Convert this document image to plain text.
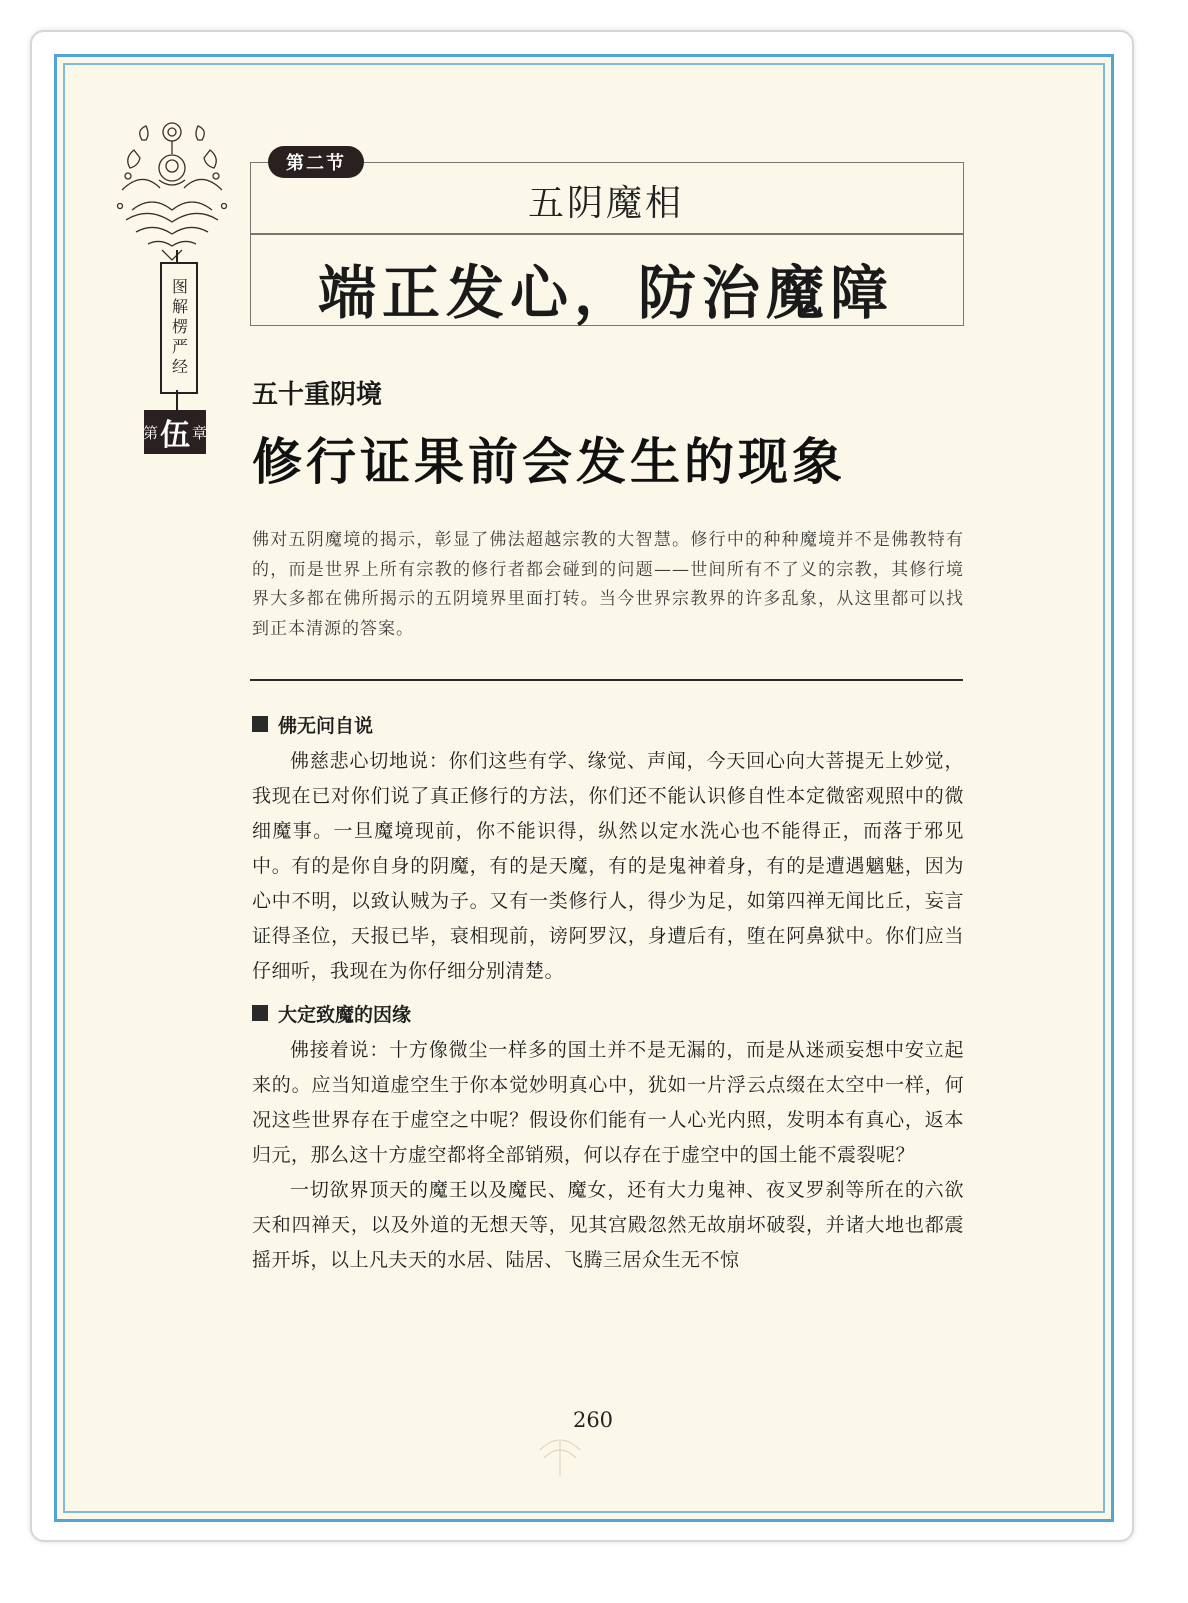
图解楞严经
第 伍 章
第二节
五阴魔相
端正发心，防治魔障
五十重阴境
修行证果前会发生的现象
佛对五阴魔境的揭示，彰显了佛法超越宗教的大智慧。修行中的种种魔境并不是佛教特有的，而是世界上所有宗教的修行者都会碰到的问题——世间所有不了义的宗教，其修行境界大多都在佛所揭示的五阴境界里面打转。当今世界宗教界的许多乱象，从这里都可以找到正本清源的答案。
佛无问自说

佛慈悲心切地说：你们这些有学、缘觉、声闻，今天回心向大菩提无上妙觉，我现在已对你们说了真正修行的方法，你们还不能认识修自性本定微密观照中的微细魔事。一旦魔境现前，你不能识得，纵然以定水洗心也不能得正，而落于邪见中。有的是你自身的阴魔，有的是天魔，有的是鬼神着身，有的是遭遇魑魅，因为心中不明，以致认贼为子。又有一类修行人，得少为足，如第四禅无闻比丘，妄言证得圣位，天报已毕，衰相现前，谤阿罗汉，身遭后有，堕在阿鼻狱中。你们应当仔细听，我现在为你仔细分别清楚。

大定致魔的因缘

佛接着说：十方像微尘一样多的国土并不是无漏的，而是从迷顽妄想中安立起来的。应当知道虚空生于你本觉妙明真心中，犹如一片浮云点缀在太空中一样，何况这些世界存在于虚空之中呢？假设你们能有一人心光内照，发明本有真心，返本归元，那么这十方虚空都将全部销殒，何以存在于虚空中的国土能不震裂呢？

一切欲界顶天的魔王以及魔民、魔女，还有大力鬼神、夜叉罗刹等所在的六欲天和四禅天，以及外道的无想天等，见其宫殿忽然无故崩坏破裂，并诸大地也都震摇开坼，以上凡夫天的水居、陆居、飞腾三居众生无不惊

260
